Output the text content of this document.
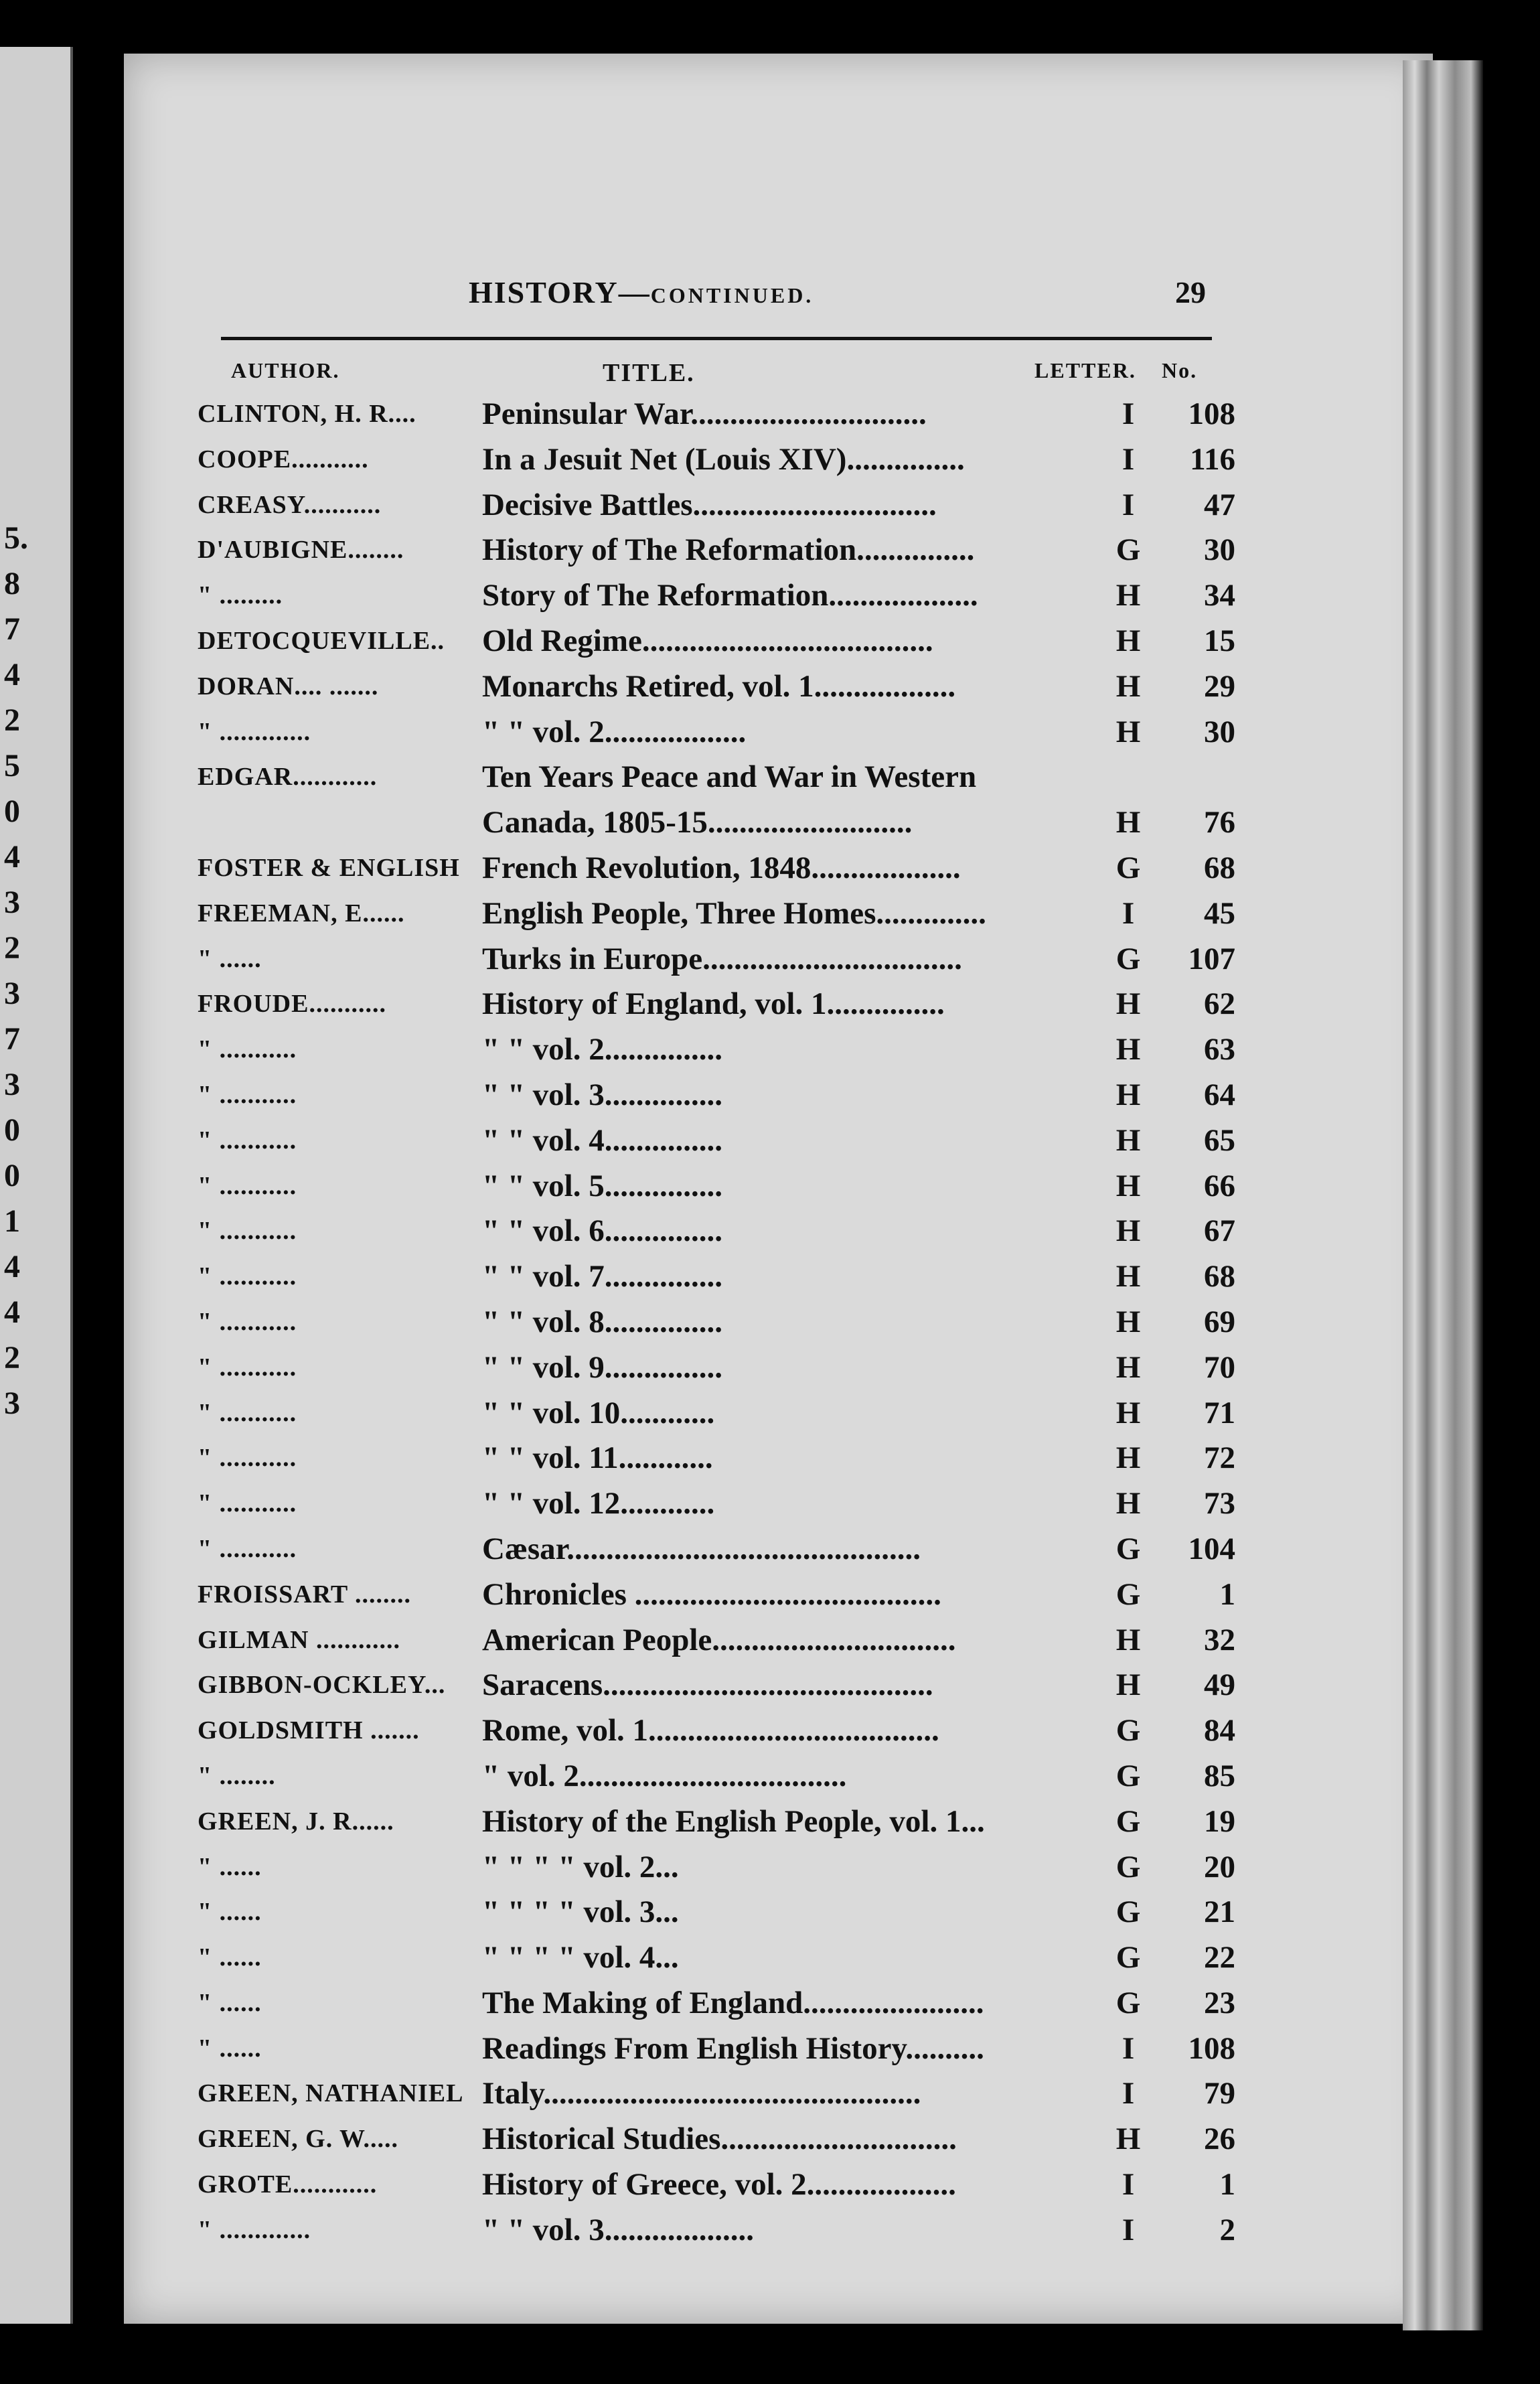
5.
8
7
4
2
5
0
4
3
2
3
7
3
0
0
1
4
4
2
3
HISTORY—CONTINUED.	29
AUTHOR.	TITLE.	LETTER. No.
CLINTON, H. R.... Peninsular War..............................	I	108
COOPE...........	In a Jesuit Net (Louis XIV)...............	I	116
CREASY...........	Decisive Battles...............................	I	47
D'AUBIGNE........ History of The Reformation...............	G	30
" .........	Story of The Reformation...................	H	34
DETOCQUEVILLE.. Old Regime.....................................	H	15
DORAN.... .......	Monarchs Retired, vol. 1..................	H	29
" .............	" " vol. 2..................	H	30
EDGAR............	Ten Years Peace and War in Western
Canada, 1805-15..........................	H	76
FOSTER & ENGLISH French Revolution, 1848...................	G	68
FREEMAN, E...... English People, Three Homes..............	I	45
" ......	Turks in Europe.................................	G	107
FROUDE...........	History of England, vol. 1...............	H	62
" ...........	" " vol. 2...............	H	63
" ...........	" " vol. 3...............	H	64
" ...........	" " vol. 4...............	H	65
" ...........	" " vol. 5...............	H	66
" ...........	" " vol. 6...............	H	67
" ...........	" " vol. 7...............	H	68
" ...........	" " vol. 8...............	H	69
" ...........	" " vol. 9...............	H	70
" ...........	" " vol. 10............	H	71
" ...........	" " vol. 11............	H	72
" ...........	" " vol. 12............	H	73
" ...........	Cæsar.............................................	G	104
FROISSART ........ Chronicles .......................................	G	1
GILMAN ............	American People...............................	H	32
GIBBON-OCKLEY... Saracens..........................................	H	49
GOLDSMITH ....... Rome, vol. 1.....................................	G	84
" ........	" vol. 2..................................	G	85
GREEN, J. R......	History of the English People, vol. 1...	G	19
" ......	" " " " vol. 2...	G	20
" ......	" " " " vol. 3...	G	21
" ......	" " " " vol. 4...	G	22
" ......	The Making of England.......................	G	23
" ......	Readings From English History..........	I	108
GREEN, NATHANIEL Italy................................................	I	79
GREEN, G. W.....	Historical Studies..............................	H	26
GROTE............	History of Greece, vol. 2...................	I	1
" .............	" " vol. 3...................	I	2
